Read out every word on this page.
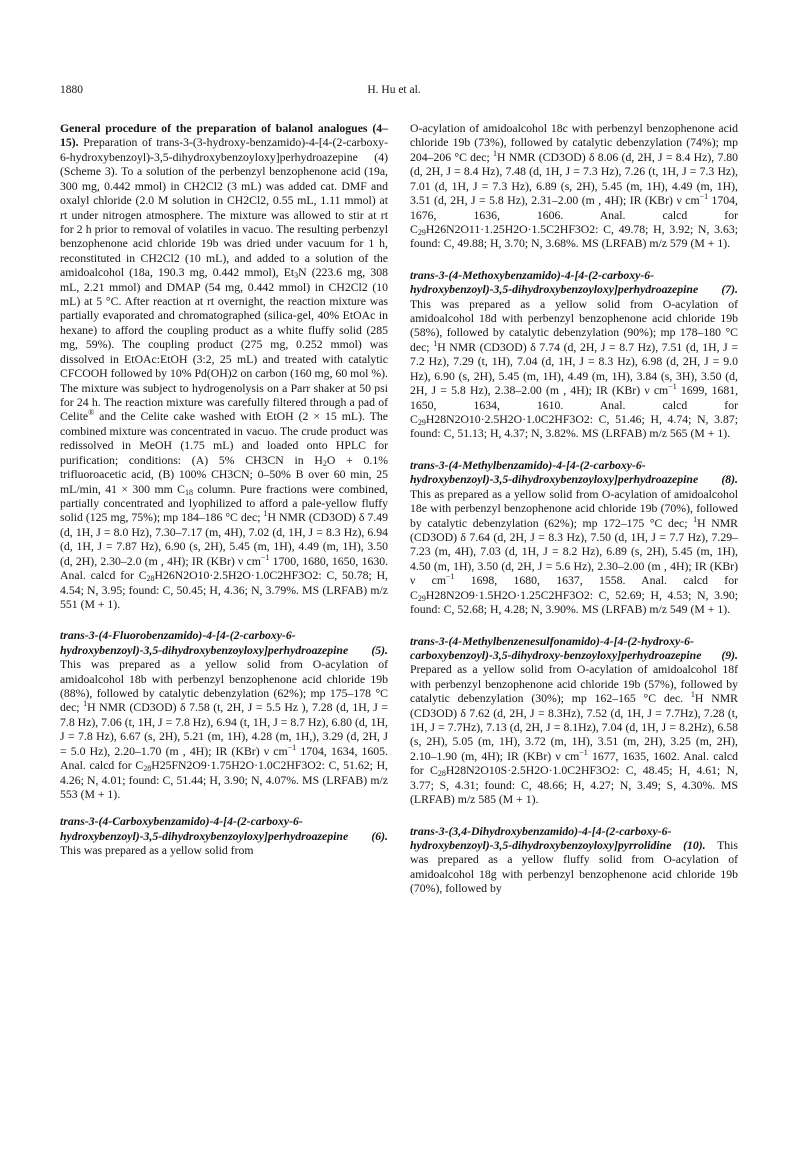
1880	H. Hu et al.

General procedure of the preparation of balanol analogues (4–15). Preparation of trans-3-(3-hydroxy-benzamido)-4-[4-(2-carboxy-6-hydroxybenzoyl)-3,5-dihydroxybenzoyloxy]perhydroazepine (4) (Scheme 3). To a solution of the perbenzyl benzophenone acid (19a, 300 mg, 0.442 mmol) in CH2Cl2 (3 mL) was added cat. DMF and oxalyl chloride (2.0 M solution in CH2Cl2, 0.55 mL, 1.11 mmol) at rt under nitrogen atmosphere. The mixture was allowed to stir at rt for 2 h prior to removal of volatiles in vacuo. The resulting perbenzyl benzophenone acid chloride 19b was dried under vacuum for 1 h, reconstituted in CH2Cl2 (10 mL), and added to a solution of the amidoalcohol (18a, 190.3 mg, 0.442 mmol), $Et_3N$ (223.6 mg, 308 mL, 2.21 mmol) and DMAP (54 mg, 0.442 mmol) in CH2Cl2 (10 mL) at 5 °C. After reaction at rt overnight, the reaction mixture was partially evaporated and chromatographed (silica-gel, 40% EtOAc in hexane) to afford the coupling product as a white fluffy solid (285 mg, 59%). The coupling product (275 mg, 0.252 mmol) was dissolved in EtOAc:EtOH (3:2, 25 mL) and treated with catalytic CFCOOH followed by 10% Pd(OH)2 on carbon (160 mg, 60 mol %). The mixture was subject to hydrogenolysis on a Parr shaker at 50 psi for 24 h. The reaction mixture was carefully filtered through a pad of Celite® and the Celite cake washed with EtOH (2 × 15 mL). The combined mixture was concentrated in vacuo. The crude product was redissolved in MeOH (1.75 mL) and loaded onto HPLC for purification; conditions: (A) 5% CH3CN in $H_2O + 0.1\%$ trifluoroacetic acid, (B) 100% CH3CN; 0–50% B over 60 min, 25 mL/min, 41 × 300 mm $C_{18}$ column. Pure fractions were combined, partially concentrated and lyophilized to afford a pale-yellow fluffy solid (125 mg, 75%); mp 184–186 °C dec; $^1$H NMR (CD3OD) δ 7.49 (d, 1H, J = 8.0 Hz), 7.30–7.17 (m, 4H), 7.02 (d, 1H, J = 8.3 Hz), 6.94 (d, 1H, J = 7.87 Hz), 6.90 (s, 2H), 5.45 (m, 1H), 4.49 (m, 1H), 3.50 (d, 2H), 2.30–2.0 (m , 4H); IR (KBr) ν $cm^{-1}$ 1700, 1680, 1650, 1630. Anal. calcd for $C_{28}H26N2O10\cdot 2.5H2O\cdot 1.0C2HF3O2$: C, 50.78; H, 4.54; N, 3.95; found: C, 50.45; H, 4.36; N, 3.79%. MS (LRFAB) m/z 551 (M + 1).

trans-3-(4-Fluorobenzamido)-4-[4-(2-carboxy-6-hydroxybenzoyl)-3,5-dihydroxybenzoyloxy]perhydroazepine (5). This was prepared as a yellow solid from O-acylation of amidoalcohol 18b with perbenzyl benzophenone acid chloride 19b (88%), followed by catalytic debenzylation (62%); mp 175–178 °C dec; $^1$H NMR (CD3OD) δ 7.58 (t, 2H, J = 5.5 Hz ), 7.28 (d, 1H, J = 7.8 Hz), 7.06 (t, 1H, J = 7.8 Hz), 6.94 (t, 1H, J = 8.7 Hz), 6.80 (d, 1H, J = 7.8 Hz), 6.67 (s, 2H), 5.21 (m, 1H), 4.28 (m, 1H,), 3.29 (d, 2H, J = 5.0 Hz), 2.20–1.70 (m , 4H); IR (KBr) ν $cm^{-1}$ 1704, 1634, 1605. Anal. calcd for $C_{28}H25FN2O9\cdot 1.75H2O\cdot 1.0C2HF3O2$: C, 51.62; H, 4.26; N, 4.01; found: C, 51.44; H, 3.90; N, 4.07%. MS (LRFAB) m/z 553 (M + 1).

trans-3-(4-Carboxybenzamido)-4-[4-(2-carboxy-6-hydroxybenzoyl)-3,5-dihydroxybenzoyloxy]perhydroazepine (6). This was prepared as a yellow solid from

O-acylation of amidoalcohol 18c with perbenzyl benzophenone acid chloride 19b (73%), followed by catalytic debenzylation (74%); mp 204–206 °C dec; $^1$H NMR (CD3OD) δ 8.06 (d, 2H, J = 8.4 Hz), 7.80 (d, 2H, J = 8.4 Hz), 7.48 (d, 1H, J = 7.3 Hz), 7.26 (t, 1H, J = 7.3 Hz), 7.01 (d, 1H, J = 7.3 Hz), 6.89 (s, 2H), 5.45 (m, 1H), 4.49 (m, 1H), 3.51 (d, 2H, J = 5.8 Hz), 2.31–2.00 (m , 4H); IR (KBr) ν $cm^{-1}$ 1704, 1676, 1636, 1606. Anal. calcd for $C_{29}H26N2O11\cdot 1.25H2O\cdot 1.5C2HF3O2$: C, 49.78; H, 3.92; N, 3.63; found: C, 49.88; H, 3.70; N, 3.68%. MS (LRFAB) m/z 579 (M + 1).

trans-3-(4-Methoxybenzamido)-4-[4-(2-carboxy-6-hydroxybenzoyl)-3,5-dihydroxybenzoyloxy]perhydroazepine (7). This was prepared as a yellow solid from O-acylation of amidoalcohol 18d with perbenzyl benzophenone acid chloride 19b (58%), followed by catalytic debenzylation (90%); mp 178–180 °C dec; $^1$H NMR (CD3OD) δ 7.74 (d, 2H, J = 8.7 Hz), 7.51 (d, 1H, J = 7.2 Hz), 7.29 (t, 1H), 7.04 (d, 1H, J = 8.3 Hz), 6.98 (d, 2H, J = 9.0 Hz), 6.90 (s, 2H), 5.45 (m, 1H), 4.49 (m, 1H), 3.84 (s, 3H), 3.50 (d, 2H, J = 5.8 Hz), 2.38–2.00 (m , 4H); IR (KBr) ν $cm^{-1}$ 1699, 1681, 1650, 1634, 1610. Anal. calcd for $C_{29}H28N2O10\cdot 2.5H2O\cdot 1.0C2HF3O2$: C, 51.46; H, 4.74; N, 3.87; found: C, 51.13; H, 4.37; N, 3.82%. MS (LRFAB) m/z 565 (M + 1).

trans-3-(4-Methylbenzamido)-4-[4-(2-carboxy-6-hydroxybenzoyl)-3,5-dihydroxybenzoyloxy]perhydroazepine (8). This as prepared as a yellow solid from O-acylation of amidoalcohol 18e with perbenzyl benzophenone acid chloride 19b (70%), followed by catalytic debenzylation (62%); mp 172–175 °C dec; $^1$H NMR (CD3OD) δ 7.64 (d, 2H, J = 8.3 Hz), 7.50 (d, 1H, J = 7.7 Hz), 7.29–7.23 (m, 4H), 7.03 (d, 1H, J = 8.2 Hz), 6.89 (s, 2H), 5.45 (m, 1H), 4.50 (m, 1H), 3.50 (d, 2H, J = 5.6 Hz), 2.30–2.00 (m , 4H); IR (KBr) ν $cm^{-1}$ 1698, 1680, 1637, 1558. Anal. calcd for $C_{29}H28N2O9\cdot 1.5H2O\cdot 1.25C2HF3O2$: C, 52.69; H, 4.53; N, 3.90; found: C, 52.68; H, 4.28; N, 3.90%. MS (LRFAB) m/z 549 (M + 1).

trans-3-(4-Methylbenzenesulfonamido)-4-[4-(2-hydroxy-6-carboxybenzoyl)-3,5-dihydroxy-benzoyloxy]perhydroazepine (9). Prepared as a yellow solid from O-acylation of amidoalcohol 18f with perbenzyl benzophenone acid chloride 19b (57%), followed by catalytic debenzylation (30%); mp 162–165 °C dec. $^1$H NMR (CD3OD) δ 7.62 (d, 2H, J = 8.3Hz), 7.52 (d, 1H, J = 7.7Hz), 7.28 (t, 1H, J = 7.7Hz), 7.13 (d, 2H, J = 8.1Hz), 7.04 (d, 1H, J = 8.2Hz), 6.58 (s, 2H), 5.05 (m, 1H), 3.72 (m, 1H), 3.51 (m, 2H), 3.25 (m, 2H), 2.10–1.90 (m, 4H); IR (KBr) ν $cm^{-1}$ 1677, 1635, 1602. Anal. calcd for $C_{28}H28N2O10S\cdot 2.5H2O\cdot 1.0C2HF3O2$: C, 48.45; H, 4.61; N, 3.77; S, 4.31; found: C, 48.66; H, 4.27; N, 3.49; S, 4.30%. MS (LRFAB) m/z 585 (M + 1).

trans-3-(3,4-Dihydroxybenzamido)-4-[4-(2-carboxy-6-hydroxybenzoyl)-3,5-dihydroxybenzoyloxy]pyrrolidine (10). This was prepared as a yellow fluffy solid from O-acylation of amidoalcohol 18g with perbenzyl benzophenone acid chloride 19b (70%), followed by
